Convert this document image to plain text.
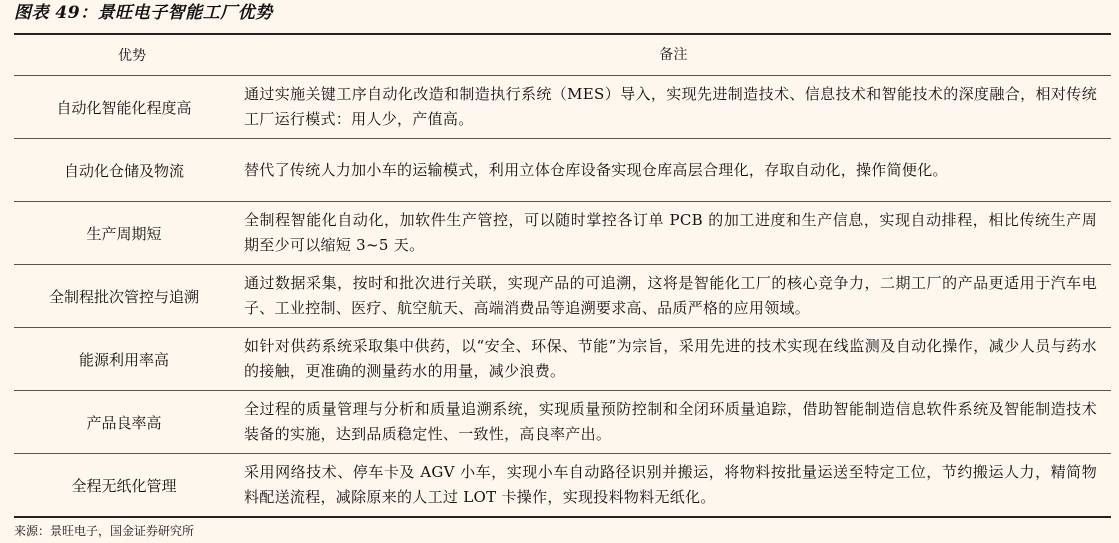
图表 49：景旺电子智能工厂优势
优势	备注
自动化智能化程度高
通过实施关键工序自动化改造和制造执行系统（MES）导入，实现先进制造技术、信息技术和智能技术的深度融合，相对传统工厂运行模式：用人少，产值高。
自动化仓储及物流	替代了传统人力加小车的运输模式，利用立体仓库设备实现仓库高层合理化，存取自动化，操作简便化。
生产周期短
全制程智能化自动化，加软件生产管控，可以随时掌控各订单 PCB 的加工进度和生产信息，实现自动排程，相比传统生产周期至少可以缩短 3~5 天。
全制程批次管控与追溯
通过数据采集，按时和批次进行关联，实现产品的可追溯，这将是智能化工厂的核心竞争力，二期工厂的产品更适用于汽车电子、工业控制、医疗、航空航天、高端消费品等追溯要求高、品质严格的应用领域。
能源利用率高
如针对供药系统采取集中供药，以“安全、环保、节能”为宗旨，采用先进的技术实现在线监测及自动化操作，减少人员与药水的接触，更准确的测量药水的用量，减少浪费。
产品良率高
全过程的质量管理与分析和质量追溯系统，实现质量预防控制和全闭环质量追踪，借助智能制造信息软件系统及智能制造技术装备的实施，达到品质稳定性、一致性，高良率产出。
全程无纸化管理
采用网络技术、停车卡及 AGV 小车，实现小车自动路径识别并搬运，将物料按批量运送至特定工位，节约搬运人力，精简物料配送流程，减除原来的人工过 LOT 卡操作，实现投料物料无纸化。
来源：景旺电子，国金证券研究所
